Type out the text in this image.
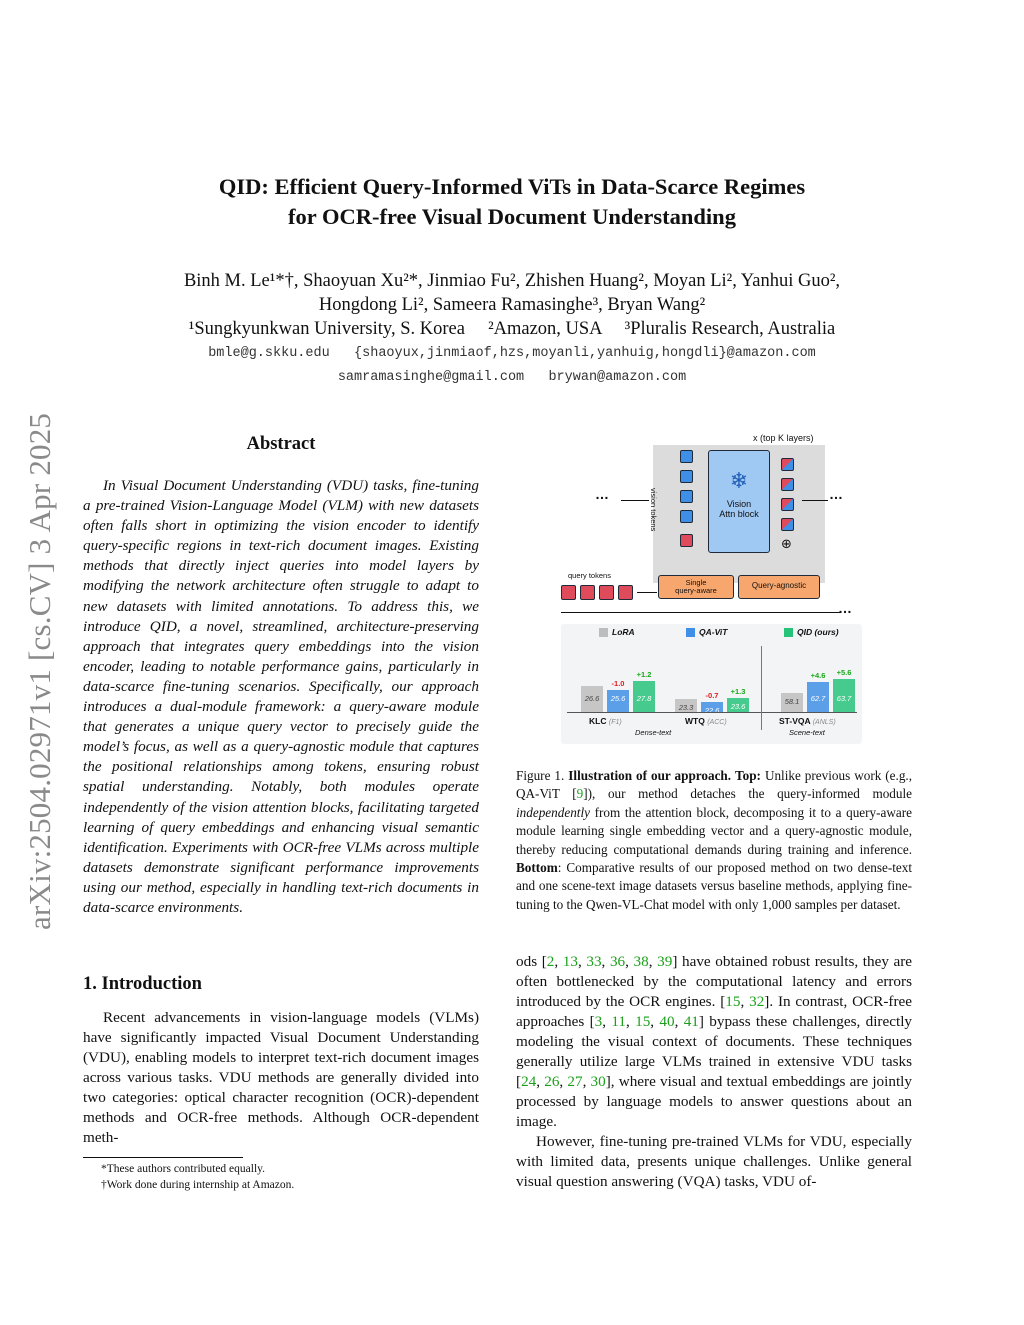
arXiv:2504.02971v1 [cs.CV] 3 Apr 2025
QID: Efficient Query-Informed ViTs in Data-Scarce Regimes
for OCR-free Visual Document Understanding
Binh M. Le¹*†, Shaoyuan Xu²*, Jinmiao Fu², Zhishen Huang², Moyan Li², Yanhui Guo²,
Hongdong Li², Sameera Ramasinghe³, Bryan Wang²
¹Sungkyunkwan University, S. Korea     ²Amazon, USA     ³Pluralis Research, Australia
bmle@g.skku.edu   {shaoyux,jinmiaof,hzs,moyanli,yanhuig,hongdli}@amazon.com
samramasinghe@gmail.com   brywan@amazon.com
Abstract

In Visual Document Understanding (VDU) tasks, fine-tuning a pre-trained Vision-Language Model (VLM) with new datasets often falls short in optimizing the vision encoder to identify query-specific regions in text-rich document images. Existing methods that directly inject queries into model layers by modifying the network architecture often struggle to adapt to new datasets with limited annotations. To address this, we introduce QID, a novel, streamlined, architecture-preserving approach that integrates query embeddings into the vision encoder, leading to notable performance gains, particularly in data-scarce fine-tuning scenarios. Specifically, our approach introduces a dual-module framework: a query-aware module that generates a unique query vector to precisely guide the model’s focus, as well as a query-agnostic module that captures the positional relationships among tokens, ensuring robust spatial understanding. Notably, both modules operate independently of the vision attention blocks, facilitating targeted learning of query embeddings and enhancing visual semantic identification. Experiments with OCR-free VLMs across multiple datasets demonstrate significant performance improvements using our method, especially in handling text-rich documents in data-scarce environments.

1. Introduction

Recent advancements in vision-language models (VLMs) have significantly impacted Visual Document Understanding (VDU), enabling models to interpret text-rich document images across various tasks. VDU methods are generally divided into two categories: optical character recognition (OCR)-dependent methods and OCR-free methods. Although OCR-dependent meth-

*These authors contributed equally.
†Work done during internship at Amazon.
x (top K layers)
vision tokens
❄
Vision
Attn block
⊕
…	…
query tokens
Single
query-aware
Query-agnostic
…
LoRA	QA-ViT	QID (ours)
26.6	25.6
-1.0
27.8
+1.2
23.3	22.6
-0.7
23.6
+1.3
58.1	62.7
+4.6
63.7
+5.6
KLC (F1)	WTQ (ACC)	ST-VQA (ANLS)
Dense-text	Scene-text
Figure 1. Illustration of our approach. Top: Unlike previous work (e.g., QA-ViT [9]), our method detaches the query-informed module independently from the attention block, decomposing it to a query-aware module learning single embedding vector and a query-agnostic module, thereby reducing computational demands during training and inference. Bottom: Comparative results of our proposed method on two dense-text and one scene-text image datasets versus baseline methods, applying fine-tuning to the Qwen-VL-Chat model with only 1,000 samples per dataset.

ods [2, 13, 33, 36, 38, 39] have obtained robust results, they are often bottlenecked by the computational latency and errors introduced by the OCR engines. [15, 32]. In contrast, OCR-free approaches [3, 11, 15, 40, 41] bypass these challenges, directly modeling the visual context of documents. These techniques generally utilize large VLMs trained in extensive VDU tasks [24, 26, 27, 30], where visual and textual embeddings are jointly processed by language models to answer questions about an image.

However, fine-tuning pre-trained VLMs for VDU, especially with limited data, presents unique challenges. Unlike general visual question answering (VQA) tasks, VDU of-
